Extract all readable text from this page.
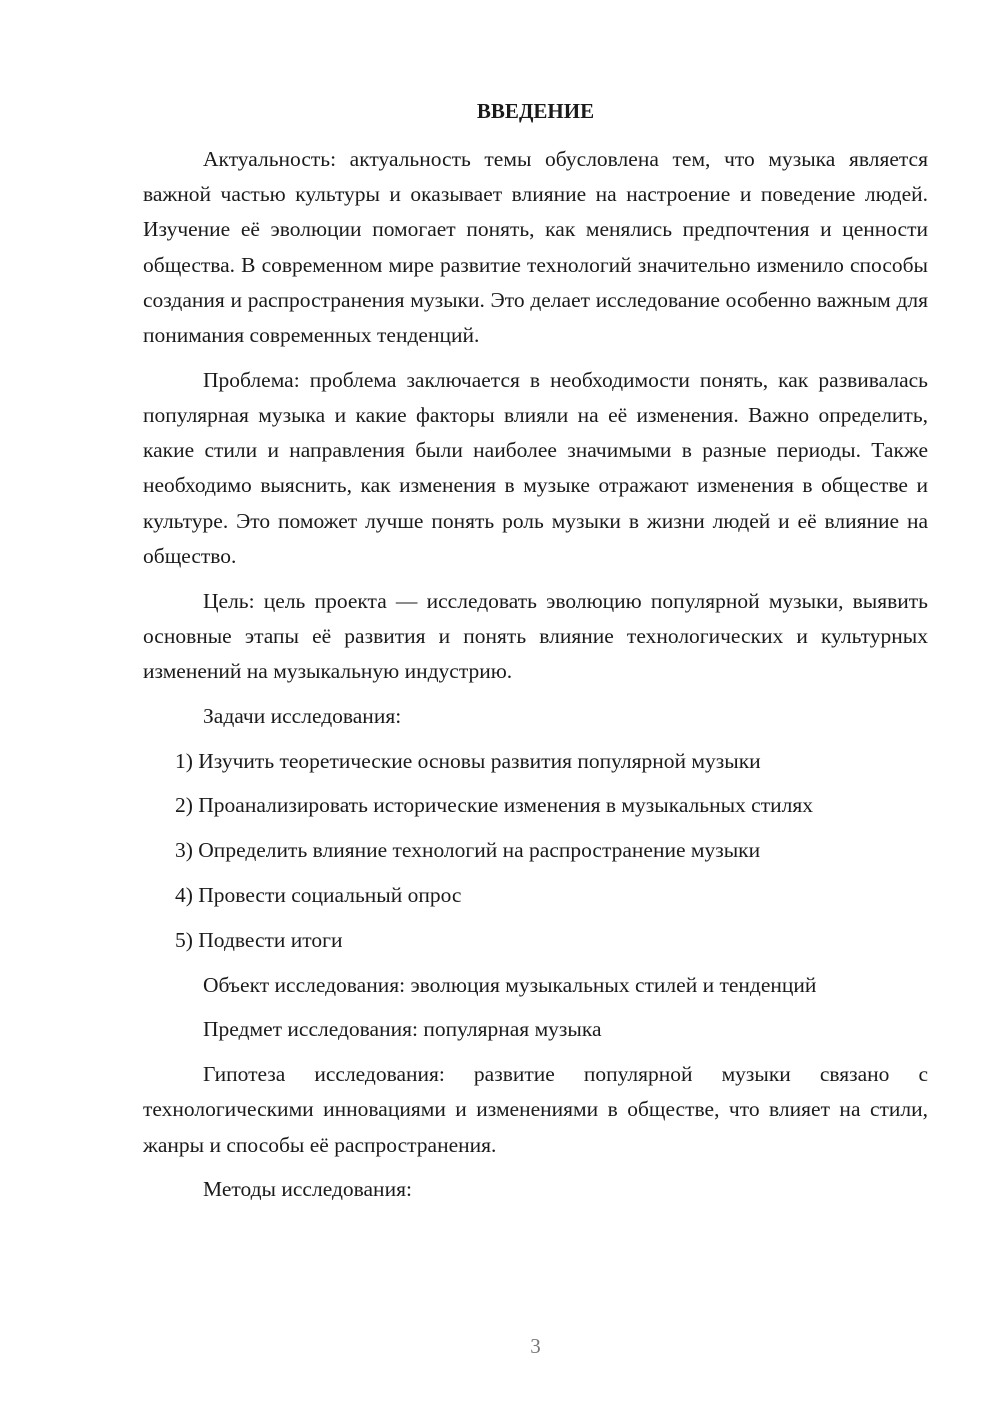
ВВЕДЕНИЕ

Актуальность: актуальность темы обусловлена тем, что музыка является важной частью культуры и оказывает влияние на настроение и поведение людей. Изучение её эволюции помогает понять, как менялись предпочтения и ценности общества. В современном мире развитие технологий значительно изменило способы создания и распространения музыки. Это делает исследование особенно важным для понимания современных тенденций.

Проблема: проблема заключается в необходимости понять, как развивалась популярная музыка и какие факторы влияли на её изменения. Важно определить, какие стили и направления были наиболее значимыми в разные периоды. Также необходимо выяснить, как изменения в музыке отражают изменения в обществе и культуре. Это поможет лучше понять роль музыки в жизни людей и её влияние на общество.

Цель: цель проекта — исследовать эволюцию популярной музыки, выявить основные этапы её развития и понять влияние технологических и культурных изменений на музыкальную индустрию.

Задачи исследования:

1) Изучить теоретические основы развития популярной музыки

2) Проанализировать исторические изменения в музыкальных стилях

3) Определить влияние технологий на распространение музыки

4) Провести социальный опрос

5) Подвести итоги

Объект исследования: эволюция музыкальных стилей и тенденций

Предмет исследования: популярная музыка

Гипотеза исследования: развитие популярной музыки связано с технологическими инновациями и изменениями в обществе, что влияет на стили, жанры и способы её распространения.

Методы исследования:

3
